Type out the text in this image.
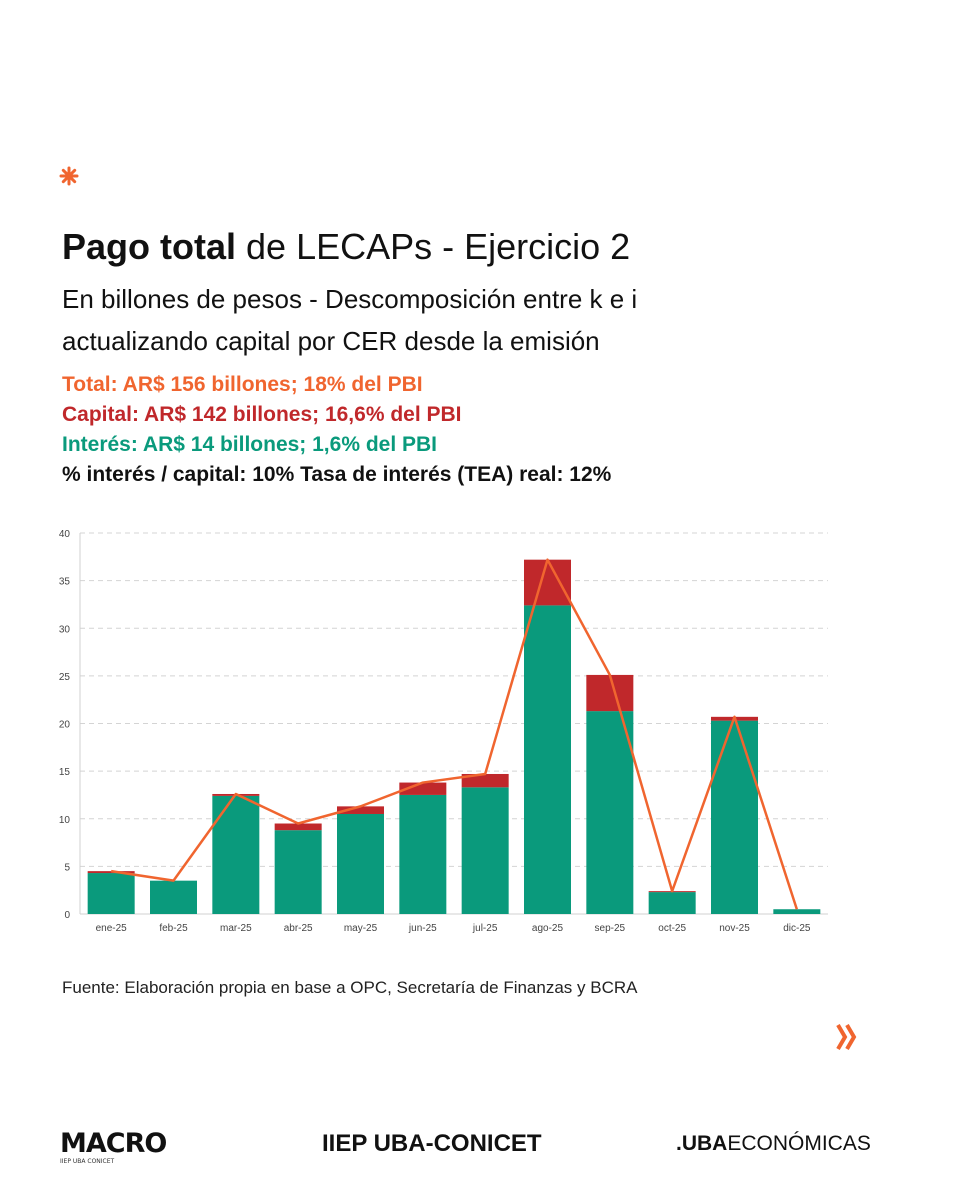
Pago total de LECAPs - Ejercicio 2
En billones de pesos - Descomposición entre k e i actualizando capital por CER desde la emisión
Total: AR$ 156 billones; 18% del PBI
Capital: AR$ 142 billones; 16,6% del PBI
Interés: AR$ 14 billones; 1,6% del PBI
% interés / capital: 10% Tasa de interés (TEA) real: 12%
0
5
10
15
20
25
30
35
40
ene-25	feb-25	mar-25	abr-25	may-25	jun-25	jul-25	ago-25	sep-25	oct-25	nov-25	dic-25
Fuente: Elaboración propia en base a OPC, Secretaría de Finanzas y BCRA
MACRO
IIEP UBA CONICET
IIEP UBA-CONICET	.UBAECONÓMICAS
